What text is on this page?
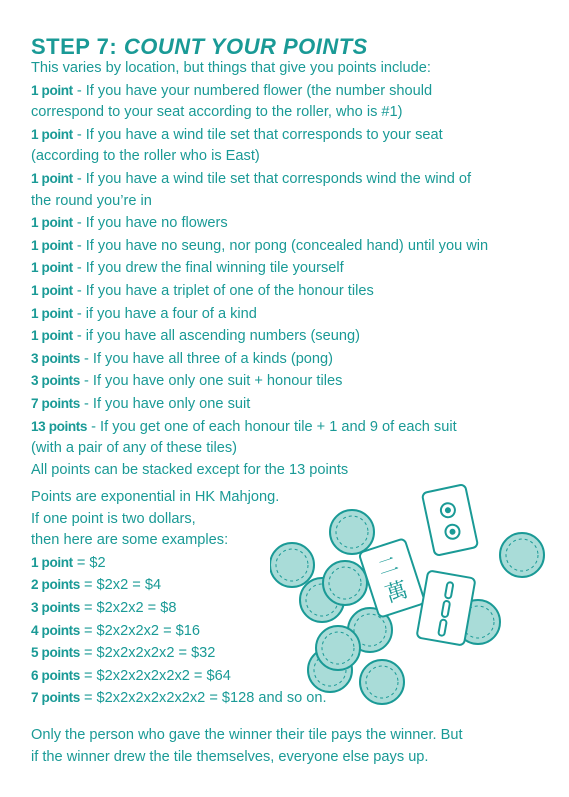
STEP 7: COUNT YOUR POINTS
This varies by location, but things that give you points include:
1 point - If you have your numbered flower (the number should
correspond to your seat according to the roller, who is #1)
1 point - If you have a wind tile set that corresponds to your seat
(according to the roller who is East)
1 point - If you have a wind tile set that corresponds wind the wind of
the round you’re in
1 point - If you have no flowers
1 point - If you have no seung, nor pong (concealed hand) until you win
1 point - If you drew the final winning tile yourself
1 point - If you have a triplet of one of the honour tiles
1 point - if you have a four of a kind
1 point - if you have all ascending numbers (seung)
3 points - If you have all three of a kinds (pong)
3 points - If you have only one suit + honour tiles
7 points - If you have only one suit
13 points - If you get one of each honour tile + 1 and 9 of each suit
(with a pair of any of these tiles)
All points can be stacked except for the 13 points
Points are exponential in HK Mahjong.
If one point is two dollars,
then here are some examples:
1 point = $2
2 points = $2x2 = $4
3 points = $2x2x2 = $8
4 points = $2x2x2x2 = $16
5 points = $2x2x2x2x2 = $32
6 points = $2x2x2x2x2x2 = $64
7 points = $2x2x2x2x2x2x2 = $128 and so on.
Only the person who gave the winner their tile pays the winner. But
if the winner drew the tile themselves, everyone else pays up.
二
萬
